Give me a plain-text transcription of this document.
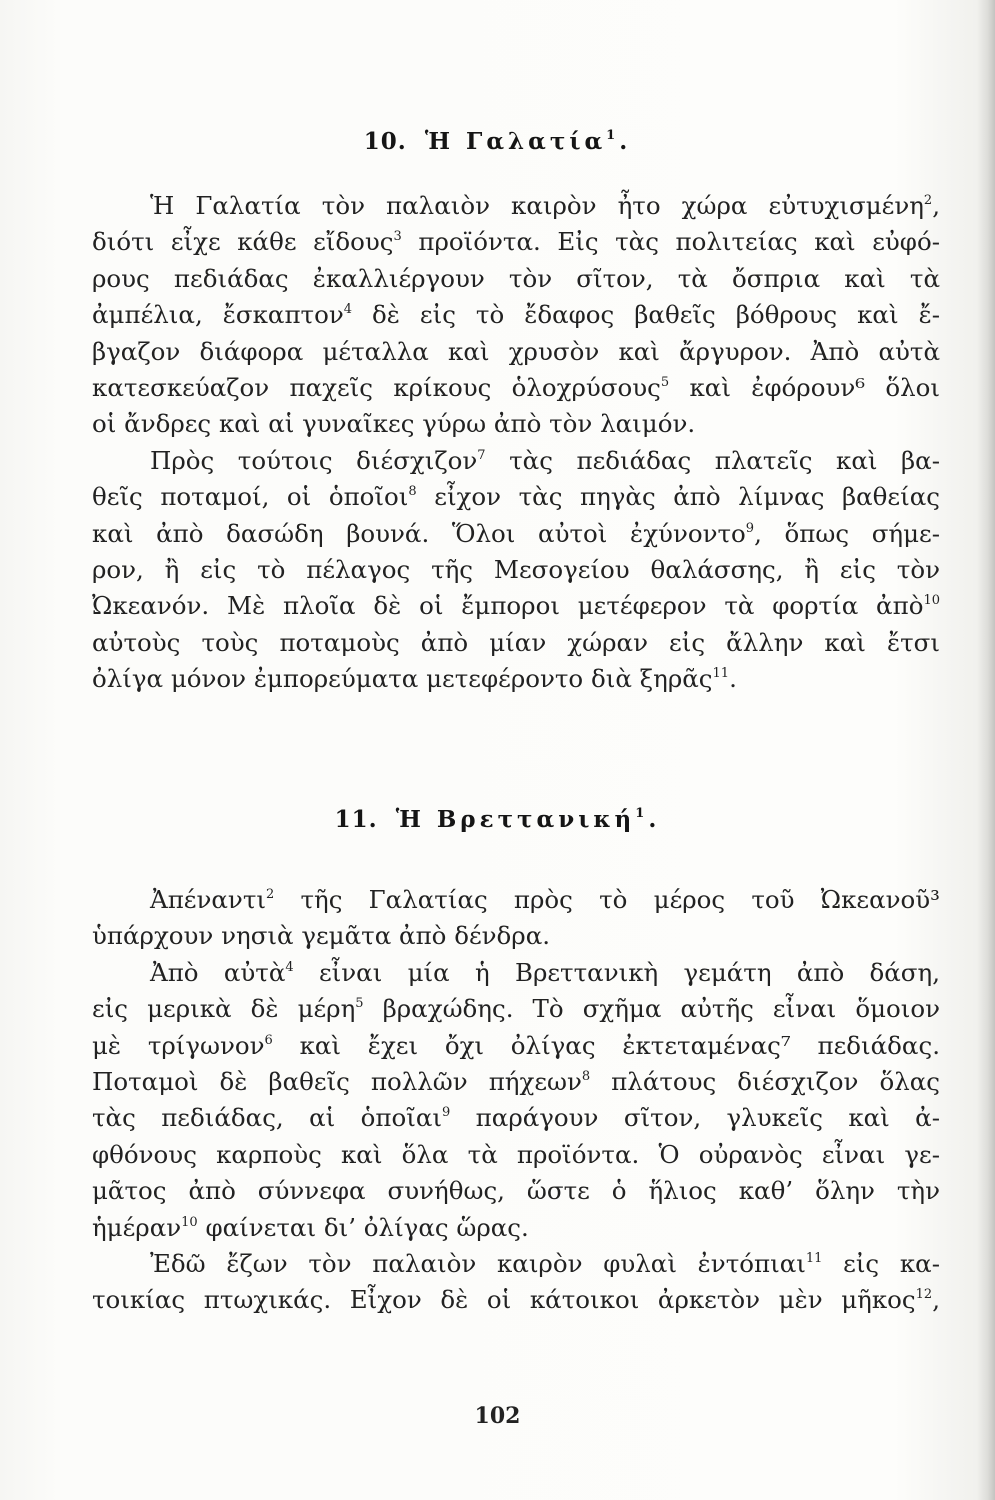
10. Ἡ Γαλατία$^1$.
Ἡ Γαλατία τὸν παλαιὸν καιρὸν ἦτο χώρα εὐτυχισμένη$^2$,
διότι εἶχε κάθε εἴδους$^3$ προϊόντα. Εἰς τὰς πολιτείας καὶ εὐφό-
ρους πεδιάδας ἐκαλλιέργουν τὸν σῖτον, τὰ ὄσπρια καὶ τὰ
ἀμπέλια, ἔσκαπτον$^4$ δὲ εἰς τὸ ἔδαφος βαθεῖς βόθρους καὶ ἔ-
βγαζον διάφορα μέταλλα καὶ χρυσὸν καὶ ἄργυρον. Ἀπὸ αὐτὰ
κατεσκεύαζον παχεῖς κρίκους ὁλοχρύσους$^5$ καὶ ἐφόρουν⁶ ὅλοι
οἱ ἄνδρες καὶ αἱ γυναῖκες γύρω ἀπὸ τὸν λαιμόν.
Πρὸς τούτοις διέσχιζον$^7$ τὰς πεδιάδας πλατεῖς καὶ βα-
θεῖς ποταμοί, οἱ ὁποῖοι$^8$ εἶχον τὰς πηγὰς ἀπὸ λίμνας βαθείας
καὶ ἀπὸ δασώδη βουνά. Ὅλοι αὐτοὶ ἐχύνοντο$^9$, ὅπως σήμε-
ρον, ἢ εἰς τὸ πέλαγος τῆς Μεσογείου θαλάσσης, ἢ εἰς τὸν
Ὠκεανόν. Μὲ πλοῖα δὲ οἱ ἔμποροι μετέφερον τὰ φορτία ἀπὸ$^{10}$
αὐτοὺς τοὺς ποταμοὺς ἀπὸ μίαν χώραν εἰς ἄλλην καὶ ἔτσι
ὀλίγα μόνον ἐμπορεύματα μετεφέροντο διὰ ξηρᾶς$^{11}$.
11. Ἡ Βρεττανική$^1$.
Ἀπέναντι$^2$ τῆς Γαλατίας πρὸς τὸ μέρος τοῦ Ὠκεανοῦ³
ὑπάρχουν νησιὰ γεμᾶτα ἀπὸ δένδρα.
Ἀπὸ αὐτὰ$^4$ εἶναι μία ἡ Βρεττανικὴ γεμάτη ἀπὸ δάση,
εἰς μερικὰ δὲ μέρη$^5$ βραχώδης. Τὸ σχῆμα αὐτῆς εἶναι ὅμοιον
μὲ τρίγωνον$^6$ καὶ ἔχει ὄχι ὀλίγας ἐκτεταμένας⁷ πεδιάδας.
Ποταμοὶ δὲ βαθεῖς πολλῶν πήχεων$^8$ πλάτους διέσχιζον ὅλας
τὰς πεδιάδας, αἱ ὁποῖαι$^9$ παράγουν σῖτον, γλυκεῖς καὶ ἀ-
φθόνους καρποὺς καὶ ὅλα τὰ προϊόντα. Ὁ οὐρανὸς εἶναι γε-
μᾶτος ἀπὸ σύννεφα συνήθως, ὥστε ὁ ἥλιος καθ’ ὅλην τὴν
ἡμέραν$^{10}$ φαίνεται δι’ ὀλίγας ὥρας.
Ἐδῶ ἔζων τὸν παλαιὸν καιρὸν φυλαὶ ἐντόπιαι$^{11}$ εἰς κα-
τοικίας πτωχικάς. Εἶχον δὲ οἱ κάτοικοι ἀρκετὸν μὲν μῆκος$^{12}$,
102
